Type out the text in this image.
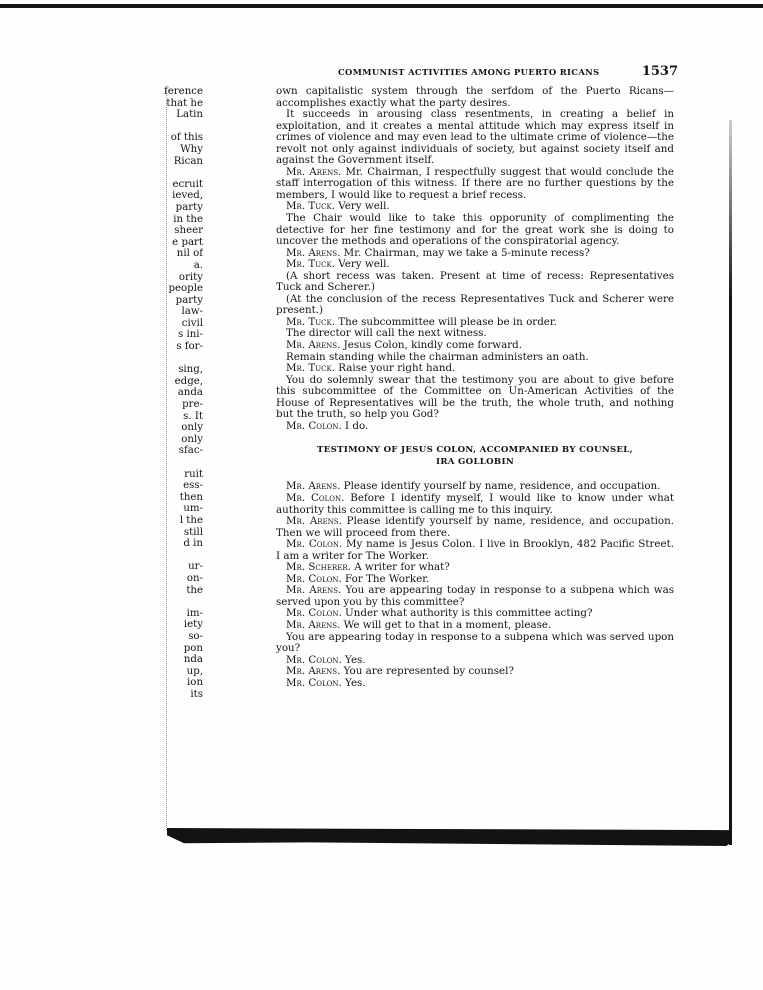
ference
that he
Latin

of this
Why
Rican

ecruit
ieved,
party
in the
sheer
e part
nil of
a.
ority
people
party
law-
civil
s ini-
s for-

sing,
edge,
anda
pre-
s. It
only
only
sfac-

ruit
ess-
then
um-
l the
still
d in

ur-
on-
the

im-
iety
so-
pon
nda
up,
ion
its
COMMUNIST ACTIVITIES AMONG PUERTO RICANS	1537

own capitalistic system through the serfdom of the Puerto Ricans—accomplishes exactly what the party desires.

It succeeds in arousing class resentments, in creating a belief in exploitation, and it creates a mental attitude which may express itself in crimes of violence and may even lead to the ultimate crime of violence—the revolt not only against individuals of society, but against society itself and against the Government itself.

Mr. Arens. Mr. Chairman, I respectfully suggest that would conclude the staff interrogation of this witness. If there are no further questions by the members, I would like to request a brief recess.

Mr. Tuck. Very well.

The Chair would like to take this opporunity of complimenting the detective for her fine testimony and for the great work she is doing to uncover the methods and operations of the conspiratorial agency.

Mr. Arens. Mr. Chairman, may we take a 5-minute recess?

Mr. Tuck. Very well.

(A short recess was taken. Present at time of recess: Representatives Tuck and Scherer.)

(At the conclusion of the recess Representatives Tuck and Scherer were present.)

Mr. Tuck. The subcommittee will please be in order.

The director will call the next witness.

Mr. Arens. Jesus Colon, kindly come forward.

Remain standing while the chairman administers an oath.

Mr. Tuck. Raise your right hand.

You do solemnly swear that the testimony you are about to give before this subcommittee of the Committee on Un-American Activities of the House of Representatives will be the truth, the whole truth, and nothing but the truth, so help you God?

Mr. Colon. I do.

TESTIMONY OF JESUS COLON, ACCOMPANIED BY COUNSEL,
IRA GOLLOBIN

Mr. Arens. Please identify yourself by name, residence, and occupation.

Mr. Colon. Before I identify myself, I would like to know under what authority this committee is calling me to this inquiry.

Mr. Arens. Please identify yourself by name, residence, and occupation. Then we will proceed from there.

Mr. Colon. My name is Jesus Colon. I live in Brooklyn, 482 Pacific Street. I am a writer for The Worker.

Mr. Scherer. A writer for what?

Mr. Colon. For The Worker.

Mr. Arens. You are appearing today in response to a subpena which was served upon you by this committee?

Mr. Colon. Under what authority is this committee acting?

Mr. Arens. We will get to that in a moment, please.

You are appearing today in response to a subpena which was served upon you?

Mr. Colon. Yes.

Mr. Arens. You are represented by counsel?

Mr. Colon. Yes.
